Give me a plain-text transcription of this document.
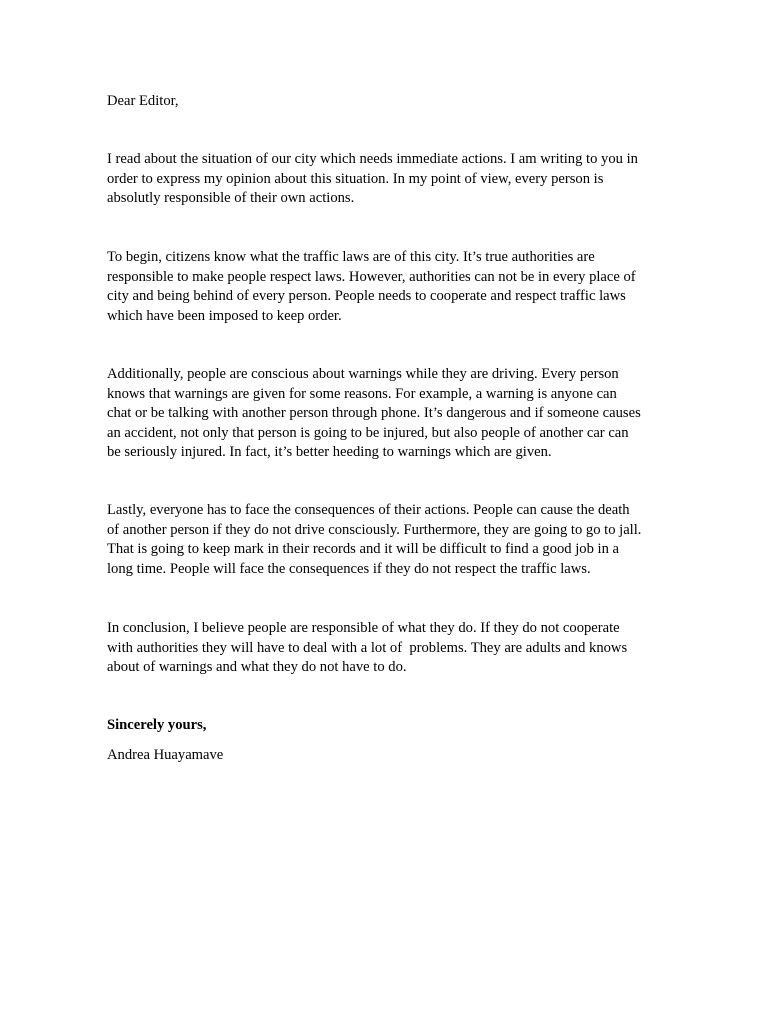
Dear Editor,

I read about the situation of our city which needs immediate actions. I am writing to you in

order to express my opinion about this situation. In my point of view, every person is

absolutly responsible of their own actions.

To begin, citizens know what the traffic laws are of this city. It’s true authorities are

responsible to make people respect laws. However, authorities can not be in every place of

city and being behind of every person. People needs to cooperate and respect traffic laws

which have been imposed to keep order.

Additionally, people are conscious about warnings while they are driving. Every person

knows that warnings are given for some reasons. For example, a warning is anyone can

chat or be talking with another person through phone. It’s dangerous and if someone causes

an accident, not only that person is going to be injured, but also people of another car can

be seriously injured. In fact, it’s better heeding to warnings which are given.

Lastly, everyone has to face the consequences of their actions. People can cause the death

of another person if they do not drive consciously. Furthermore, they are going to go to jall.

That is going to keep mark in their records and it will be difficult to find a good job in a

long time. People will face the consequences if they do not respect the traffic laws.

In conclusion, I believe people are responsible of what they do. If they do not cooperate

with authorities they will have to deal with a lot of  problems. They are adults and knows

about of warnings and what they do not have to do.

Sincerely yours,

Andrea Huayamave
